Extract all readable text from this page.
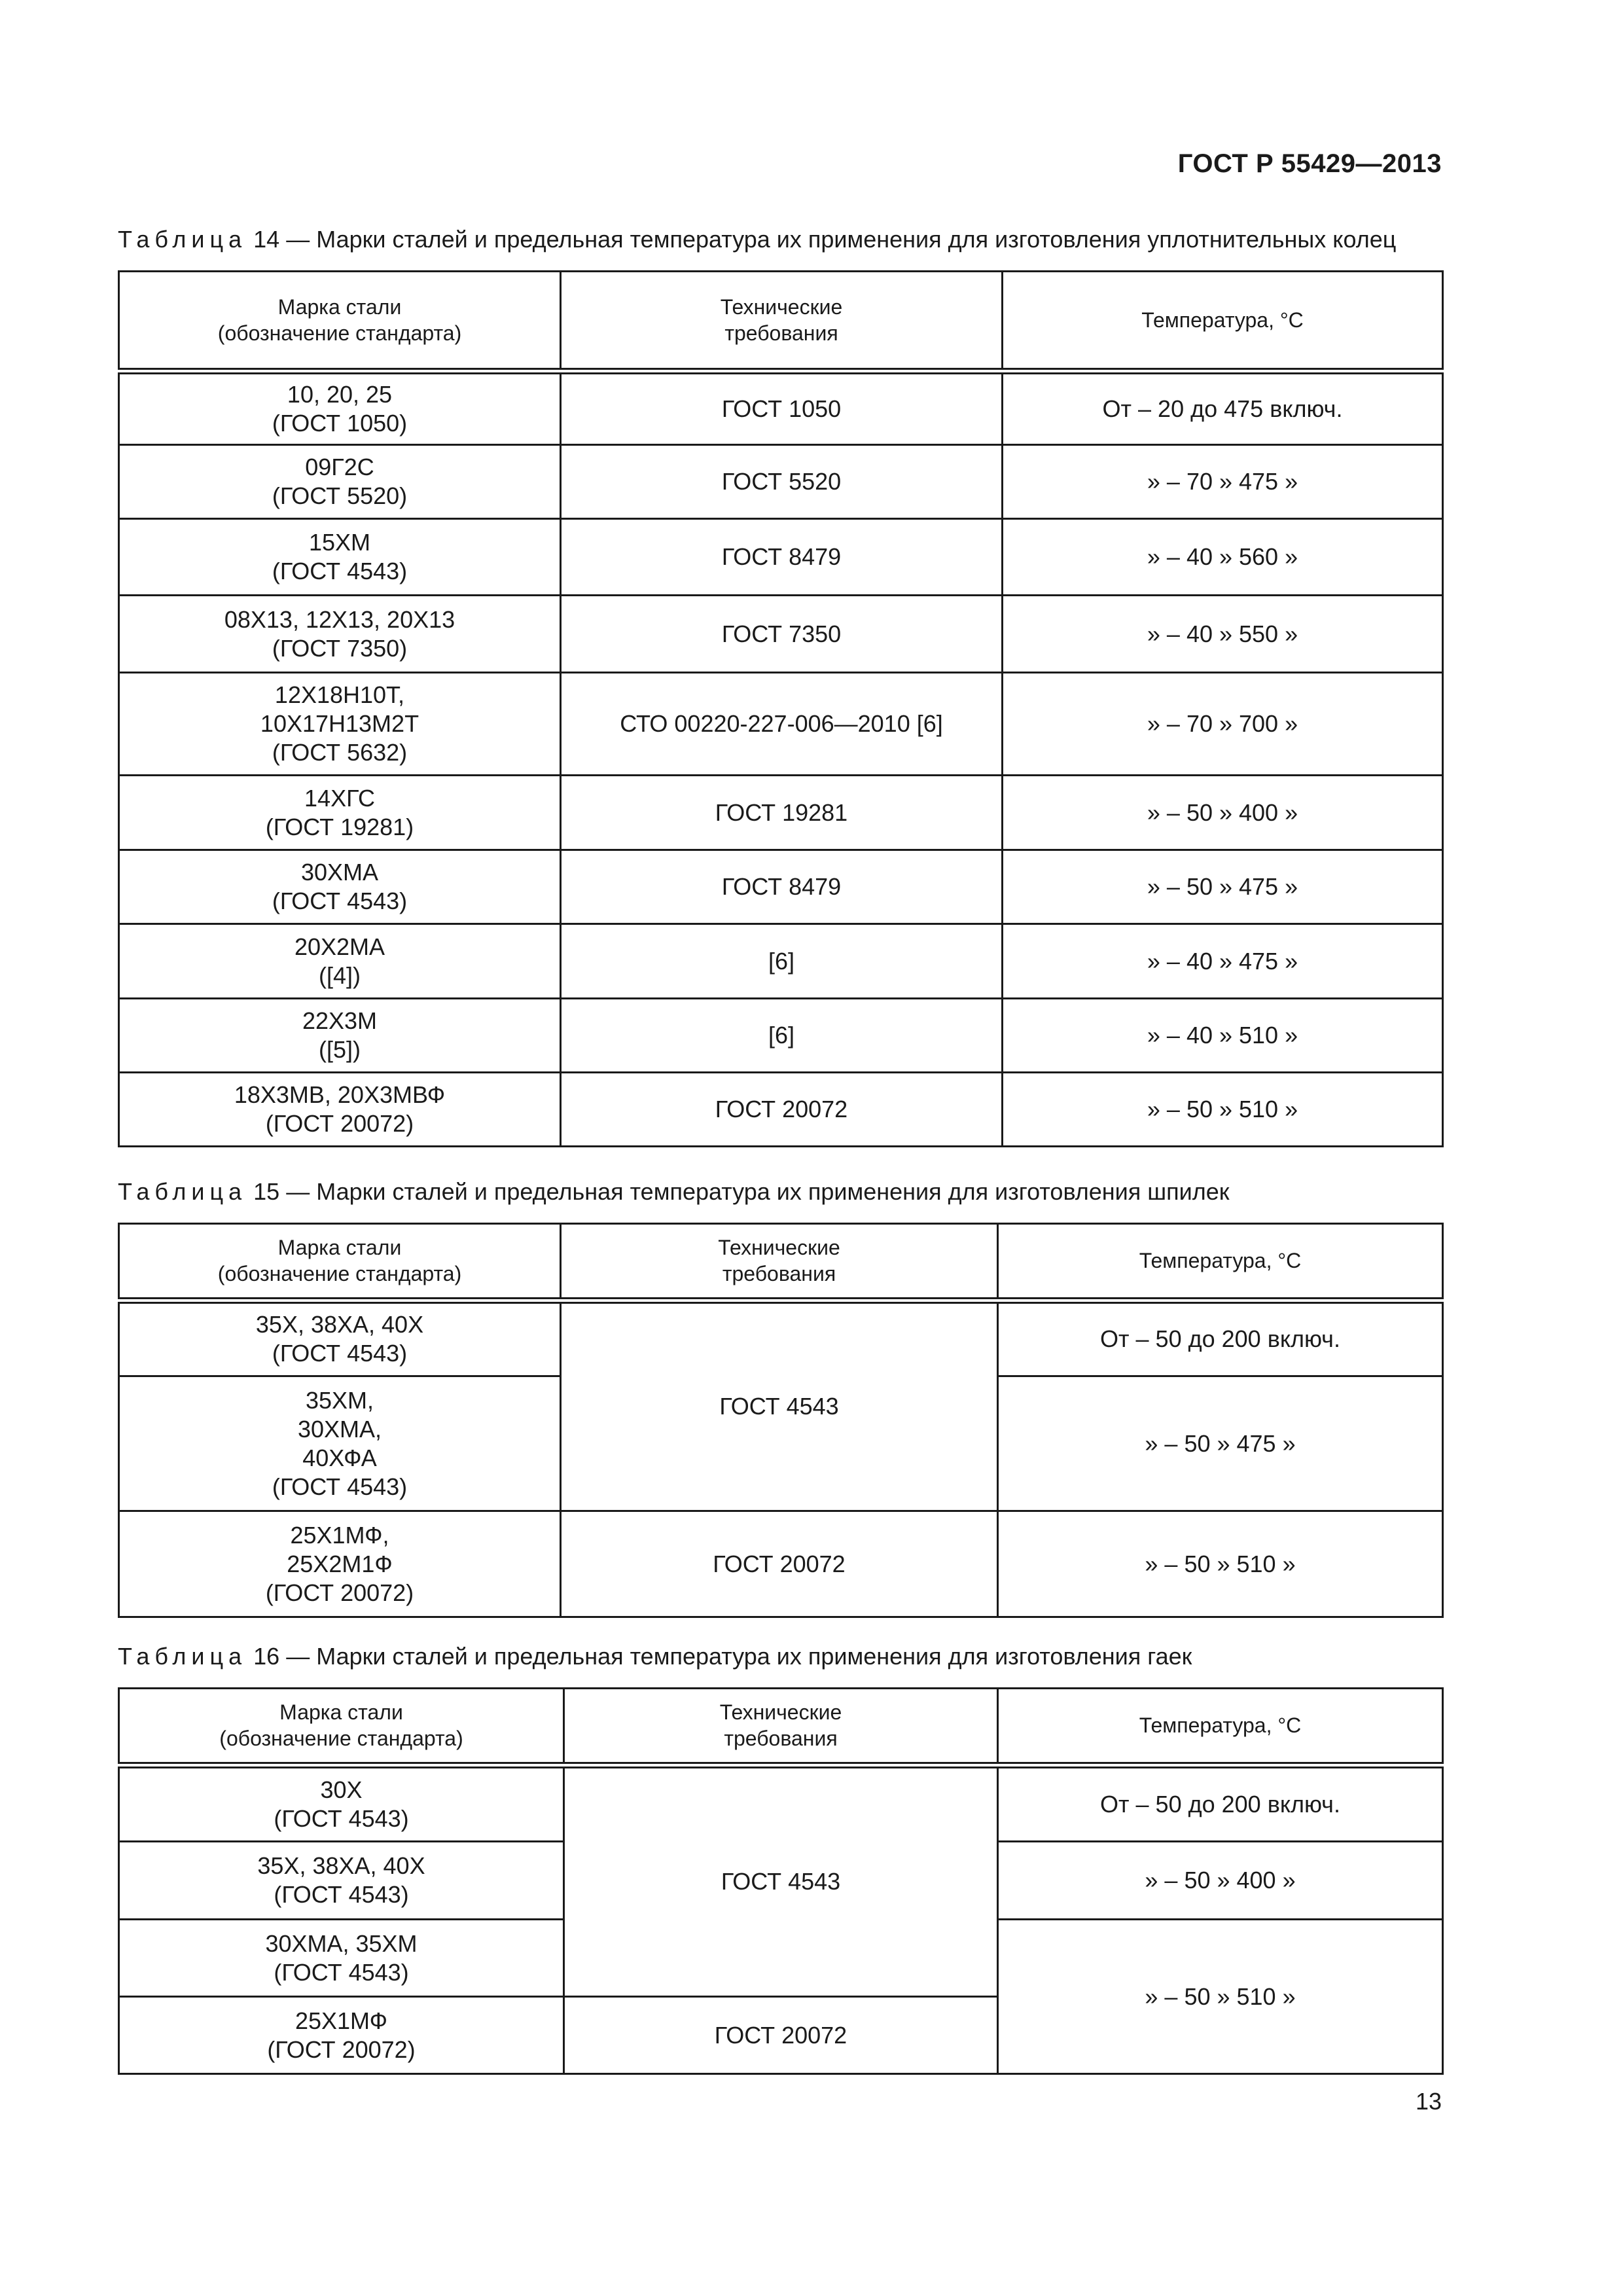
ГОСТ Р 55429—2013
Таблица 14 — Марки сталей и предельная температура их применения для изготовления уплотнительных колец
Марка стали
(обозначение стандарта)	Технические
требования	Температура, °С
10, 20, 25
(ГОСТ 1050)	ГОСТ 1050	От – 20 до 475 включ.
09Г2С
(ГОСТ 5520)	ГОСТ 5520	» – 70 » 475 »
15ХМ
(ГОСТ 4543)	ГОСТ 8479	» – 40 » 560 »
08Х13, 12Х13, 20Х13
(ГОСТ 7350)	ГОСТ 7350	» – 40 » 550 »
12Х18Н10Т,
10Х17Н13М2Т
(ГОСТ 5632)	СТО 00220-227-006—2010 [6]	» – 70 » 700 »
14ХГС
(ГОСТ 19281)	ГОСТ 19281	» – 50 » 400 »
30ХМА
(ГОСТ 4543)	ГОСТ 8479	» – 50 » 475 »
20Х2МА
([4])	[6]	» – 40 » 475 »
22Х3М
([5])	[6]	» – 40 » 510 »
18Х3МВ, 20Х3МВФ
(ГОСТ 20072)	ГОСТ 20072	» – 50 » 510 »
Таблица 15 — Марки сталей и предельная температура их применения для изготовления шпилек
Марка стали
(обозначение стандарта)	Технические
требования	Температура, °С
35Х, 38ХА, 40Х
(ГОСТ 4543)	ГОСТ 4543	От – 50 до 200 включ.
35ХМ,
30ХМА,
40ХФА
(ГОСТ 4543)		» – 50 » 475 »
25Х1МФ,
25Х2М1Ф
(ГОСТ 20072)	ГОСТ 20072	» – 50 » 510 »
Таблица 16 — Марки сталей и предельная температура их применения для изготовления гаек
Марка стали
(обозначение стандарта)	Технические
требования	Температура, °С
30Х
(ГОСТ 4543)	ГОСТ 4543	От – 50 до 200 включ.
35Х, 38ХА, 40Х
(ГОСТ 4543)		» – 50 » 400 »
30ХМА, 35ХМ
(ГОСТ 4543)		» – 50 » 510 »
25Х1МФ
(ГОСТ 20072)	ГОСТ 20072	
13
